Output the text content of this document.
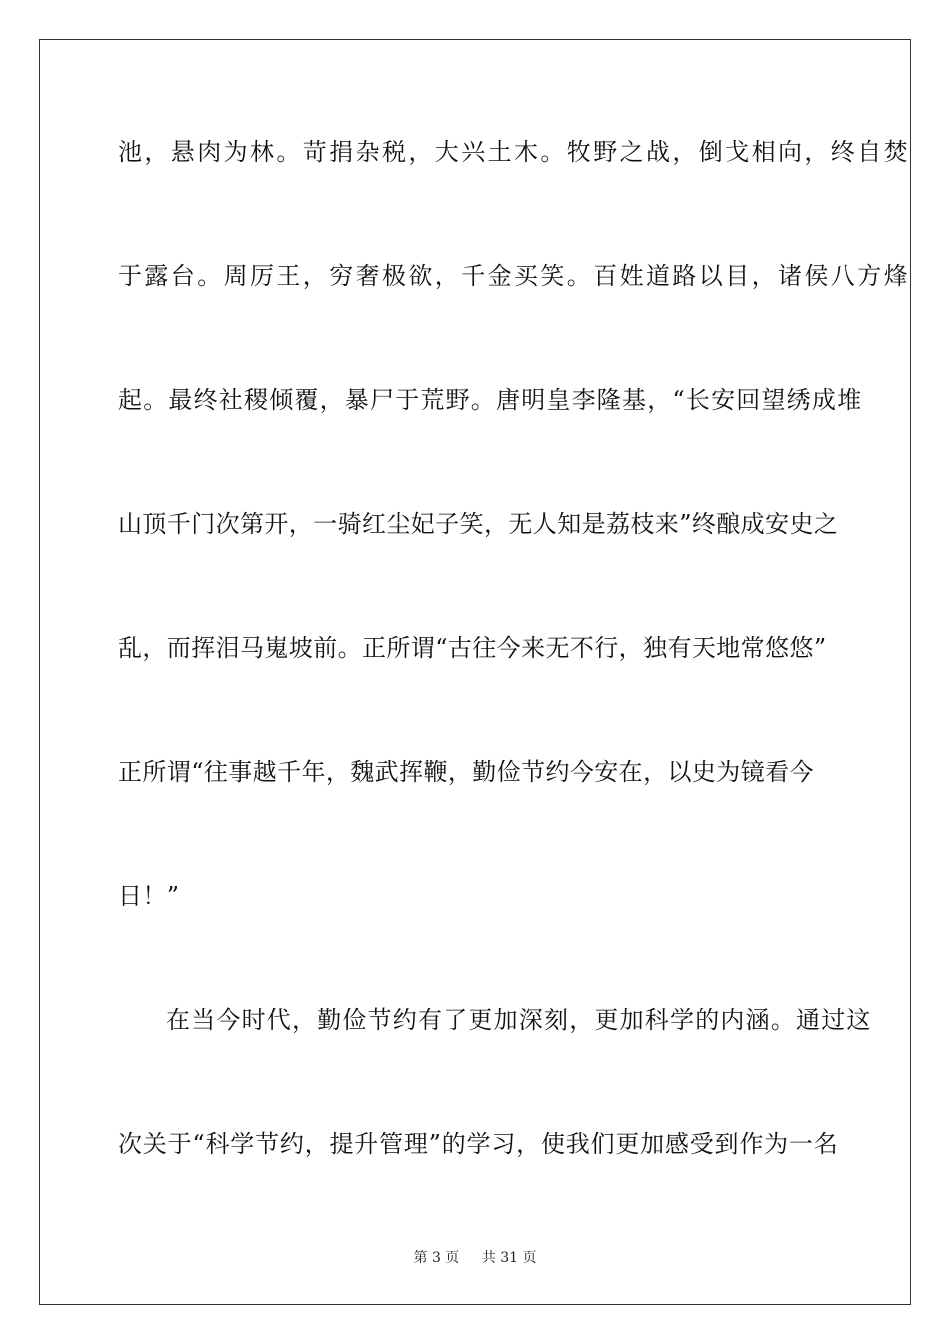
池，悬肉为林。苛捐杂税，大兴土木。牧野之战，倒戈相向，终自焚
于露台。周厉王，穷奢极欲，千金买笑。百姓道路以目，诸侯八方烽
起。最终社稷倾覆，暴尸于荒野。唐明皇李隆基，“长安回望绣成堆
山顶千门次第开，一骑红尘妃子笑，无人知是荔枝来”终酿成安史之
乱，而挥泪马嵬坡前。正所谓“古往今来无不行，独有天地常悠悠”
正所谓“往事越千年，魏武挥鞭，勤俭节约今安在，以史为镜看今
日！”
在当今时代，勤俭节约有了更加深刻，更加科学的内涵。通过这
次关于“科学节约，提升管理”的学习，使我们更加感受到作为一名
第 3 页 共 31 页
